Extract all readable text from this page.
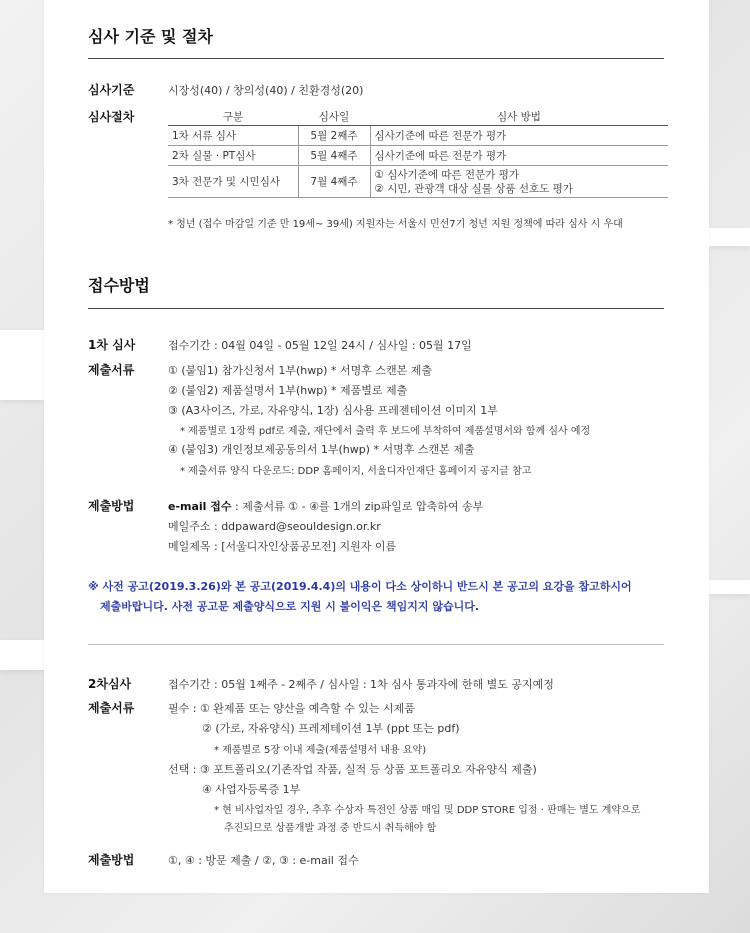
심사 기준 및 절차
심사기준	시장성(40) / 창의성(40) / 친환경성(20)
심사절차	구분	심사일	심사 방법
1차 서류 심사	5월 2째주	심사기준에 따른 전문가 평가
2차 실물 · PT심사	5월 4째주	심사기준에 따른 전문가 평가
3차 전문가 및 시민심사	7월 4째주	① 심사기준에 따른 전문가 평가
② 시민, 관광객 대상 실물 상품 선호도 평가
* 청년 (접수 마감일 기준 만 19세~ 39세) 지원자는 서울시 민선7기 청년 지원 정책에 따라 심사 시 우대
접수방법
1차 심사	접수기간 : 04월 04일 - 05월 12일 24시 / 심사일 : 05월 17일
제출서류	① (붙임1) 참가신청서 1부(hwp) * 서명후 스캔본 제출
② (붙임2) 제품설명서 1부(hwp) * 제품별로 제출
③ (A3사이즈, 가로, 자유양식, 1장) 심사용 프레젠테이션 이미지 1부
* 제품별로 1장씩 pdf로 제출, 재단에서 출력 후 보드에 부착하여 제품설명서와 함께 심사 예정
④ (붙임3) 개인정보제공동의서 1부(hwp) * 서명후 스캔본 제출
* 제출서류 양식 다운로드: DDP 홈페이지, 서울디자인재단 홈페이지 공지글 참고
제출방법	e-mail 접수 : 제출서류 ① - ④를 1개의 zip파일로 압축하여 송부
메일주소 : ddpaward@seouldesign.or.kr
메일제목 : [서울디자인상품공모전] 지원자 이름
※ 사전 공고(2019.3.26)와 본 공고(2019.4.4)의 내용이 다소 상이하니 반드시 본 공고의 요강을 참고하시어
제출바랍니다. 사전 공고문 제출양식으로 지원 시 불이익은 책임지지 않습니다.
2차심사	접수기간 : 05월 1째주 - 2째주 / 심사일 : 1차 심사 통과자에 한해 별도 공지예정
제출서류	필수 : ① 완제품 또는 양산을 예측할 수 있는 시제품
② (가로, 자유양식) 프레제테이션 1부 (ppt 또는 pdf)
* 제품별로 5장 이내 제출(제품설명서 내용 요약)
선택 : ③ 포트폴리오(기존작업 작품, 실적 등 상품 포트폴리오 자유양식 제출)
④ 사업자등록증 1부
* 현 비사업자일 경우, 추후 수상자 특전인 상품 매입 및 DDP STORE 입점 · 판매는 별도 계약으로
추진되므로 상품개발 과정 중 반드시 취득해야 함
제출방법	①, ④ : 방문 제출 / ②, ③ : e-mail 접수
